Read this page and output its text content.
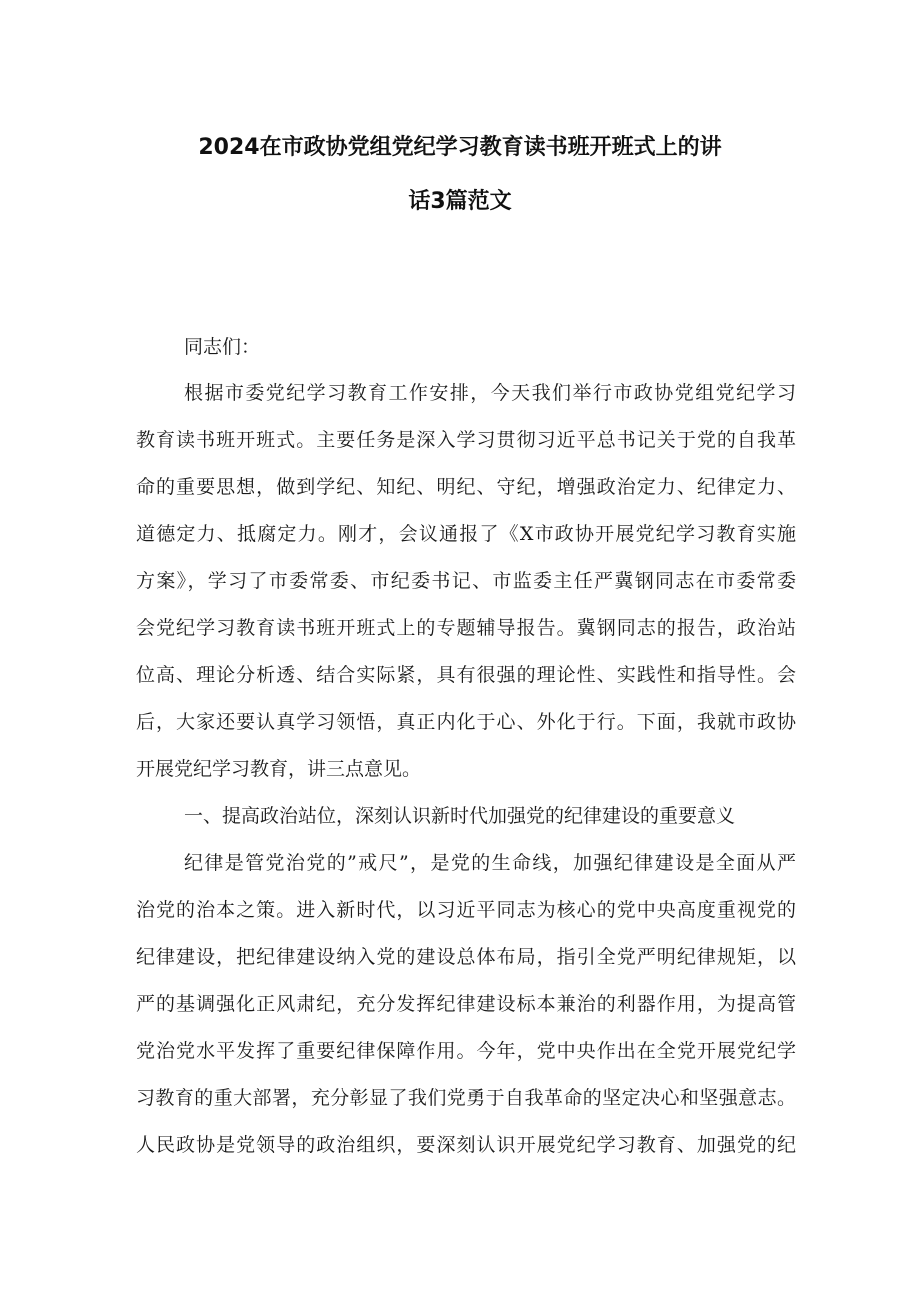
2024在市政协党组党纪学习教育读书班开班式上的讲
话3篇范文
同志们：
根据市委党纪学习教育工作安排，今天我们举行市政协党组党纪学习
教育读书班开班式。主要任务是深入学习贯彻习近平总书记关于党的自我革
命的重要思想，做到学纪、知纪、明纪、守纪，增强政治定力、纪律定力、
道德定力、抵腐定力。刚才，会议通报了《X市政协开展党纪学习教育实施
方案》，学习了市委常委、市纪委书记、市监委主任严冀钢同志在市委常委
会党纪学习教育读书班开班式上的专题辅导报告。冀钢同志的报告，政治站
位高、理论分析透、结合实际紧，具有很强的理论性、实践性和指导性。会
后，大家还要认真学习领悟，真正内化于心、外化于行。下面，我就市政协
开展党纪学习教育，讲三点意见。
一、提高政治站位，深刻认识新时代加强党的纪律建设的重要意义
纪律是管党治党的”戒尺”，是党的生命线，加强纪律建设是全面从严
治党的治本之策。进入新时代，以习近平同志为核心的党中央高度重视党的
纪律建设，把纪律建设纳入党的建设总体布局，指引全党严明纪律规矩，以
严的基调强化正风肃纪，充分发挥纪律建设标本兼治的利器作用，为提高管
党治党水平发挥了重要纪律保障作用。今年，党中央作出在全党开展党纪学
习教育的重大部署，充分彰显了我们党勇于自我革命的坚定决心和坚强意志。
人民政协是党领导的政治组织，要深刻认识开展党纪学习教育、加强党的纪
